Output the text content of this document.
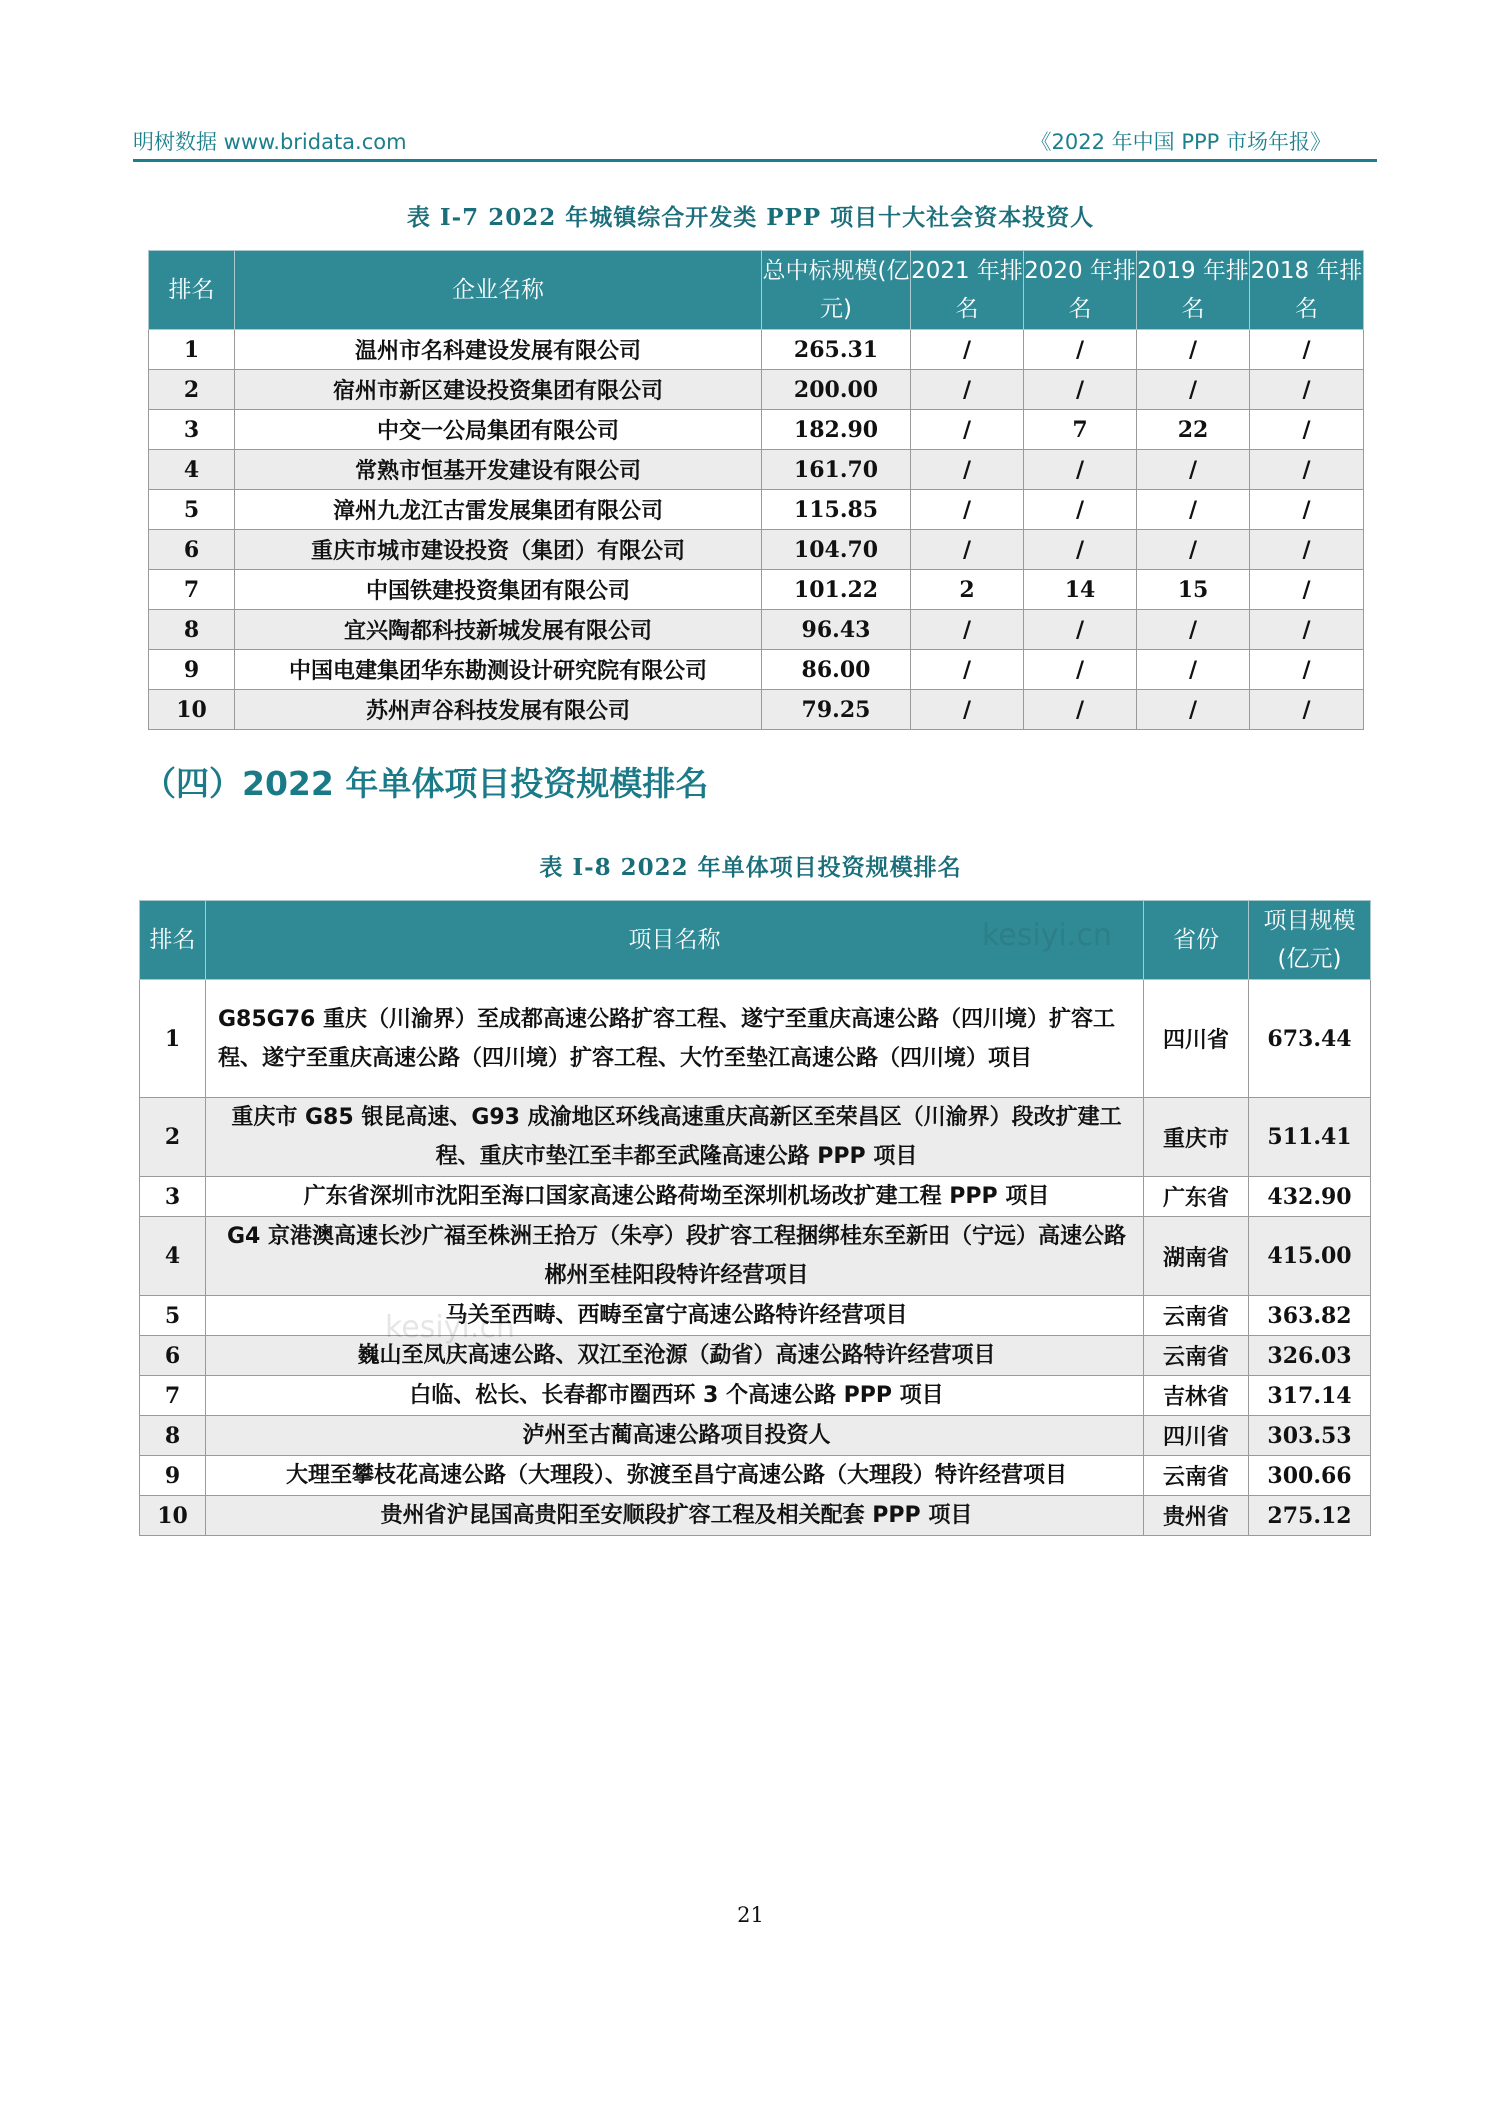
明树数据 www.bridata.com	《2022 年中国 PPP 市场年报》
表 I-7 2022 年城镇综合开发类 PPP 项目十大社会资本投资人
排名	企业名称	总中标规模(亿元)	2021 年排名	2020 年排名	2019 年排名	2018 年排名
1	温州市名科建设发展有限公司	265.31	/	/	/	/
2	宿州市新区建设投资集团有限公司	200.00	/	/	/	/
3	中交一公局集团有限公司	182.90	/	7	22	/
4	常熟市恒基开发建设有限公司	161.70	/	/	/	/
5	漳州九龙江古雷发展集团有限公司	115.85	/	/	/	/
6	重庆市城市建设投资（集团）有限公司	104.70	/	/	/	/
7	中国铁建投资集团有限公司	101.22	2	14	15	/
8	宜兴陶都科技新城发展有限公司	96.43	/	/	/	/
9	中国电建集团华东勘测设计研究院有限公司	86.00	/	/	/	/
10	苏州声谷科技发展有限公司	79.25	/	/	/	/
（四）2022 年单体项目投资规模排名
表 I-8 2022 年单体项目投资规模排名
排名	项目名称	省份	项目规模(亿元)
1	G85G76 重庆（川渝界）至成都高速公路扩容工程、遂宁至重庆高速公路（四川境）扩容工程、遂宁至重庆高速公路（四川境）扩容工程、大竹至垫江高速公路（四川境）项目	四川省	673.44
2	重庆市 G85 银昆高速、G93 成渝地区环线高速重庆高新区至荣昌区（川渝界）段改扩建工程、重庆市垫江至丰都至武隆高速公路 PPP 项目	重庆市	511.41
3	广东省深圳市沈阳至海口国家高速公路荷坳至深圳机场改扩建工程 PPP 项目	广东省	432.90
4	G4 京港澳高速长沙广福至株洲王拾万（朱亭）段扩容工程捆绑桂东至新田（宁远）高速公路郴州至桂阳段特许经营项目	湖南省	415.00
5	马关至西畴、西畴至富宁高速公路特许经营项目	云南省	363.82
6	巍山至凤庆高速公路、双江至沧源（勐省）高速公路特许经营项目	云南省	326.03
7	白临、松长、长春都市圈西环 3 个高速公路 PPP 项目	吉林省	317.14
8	泸州至古蔺高速公路项目投资人	四川省	303.53
9	大理至攀枝花高速公路（大理段）、弥渡至昌宁高速公路（大理段）特许经营项目	云南省	300.66
10	贵州省沪昆国高贵阳至安顺段扩容工程及相关配套 PPP 项目	贵州省	275.12
21
